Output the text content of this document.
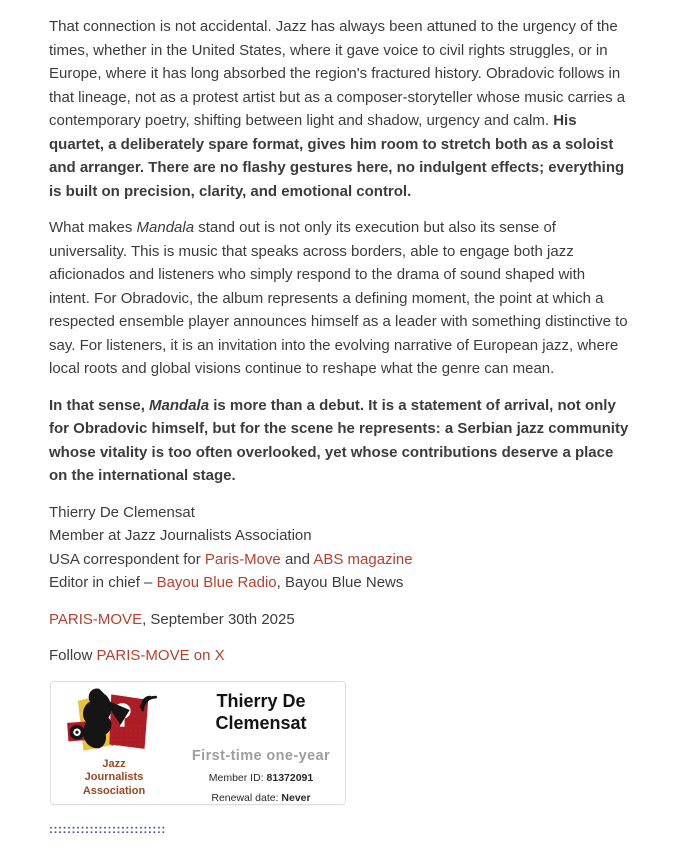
That connection is not accidental. Jazz has always been attuned to the urgency of the times, whether in the United States, where it gave voice to civil rights struggles, or in Europe, where it has long absorbed the region's fractured history. Obradovic follows in that lineage, not as a protest artist but as a composer-storyteller whose music carries a contemporary poetry, shifting between light and shadow, urgency and calm. His quartet, a deliberately spare format, gives him room to stretch both as a soloist and arranger. There are no flashy gestures here, no indulgent effects; everything is built on precision, clarity, and emotional control.

What makes Mandala stand out is not only its execution but also its sense of universality. This is music that speaks across borders, able to engage both jazz aficionados and listeners who simply respond to the drama of sound shaped with intent. For Obradovic, the album represents a defining moment, the point at which a respected ensemble player announces himself as a leader with something distinctive to say. For listeners, it is an invitation into the evolving narrative of European jazz, where local roots and global visions continue to reshape what the genre can mean.

In that sense, Mandala is more than a debut. It is a statement of arrival, not only for Obradovic himself, but for the scene he represents: a Serbian jazz community whose vitality is too often overlooked, yet whose contributions deserve a place on the international stage.

Thierry De Clemensat
Member at Jazz Journalists Association
USA correspondent for Paris-Move and ABS magazine
Editor in chief – Bayou Blue Radio, Bayou Blue News

PARIS-MOVE, September 30th 2025

Follow PARIS-MOVE on X

Jazz
Journalists
Association
Thierry De Clemensat
First-time one-year
Member ID: 81372091
Renewal date: Never
::::::::::::::::::::::::::
